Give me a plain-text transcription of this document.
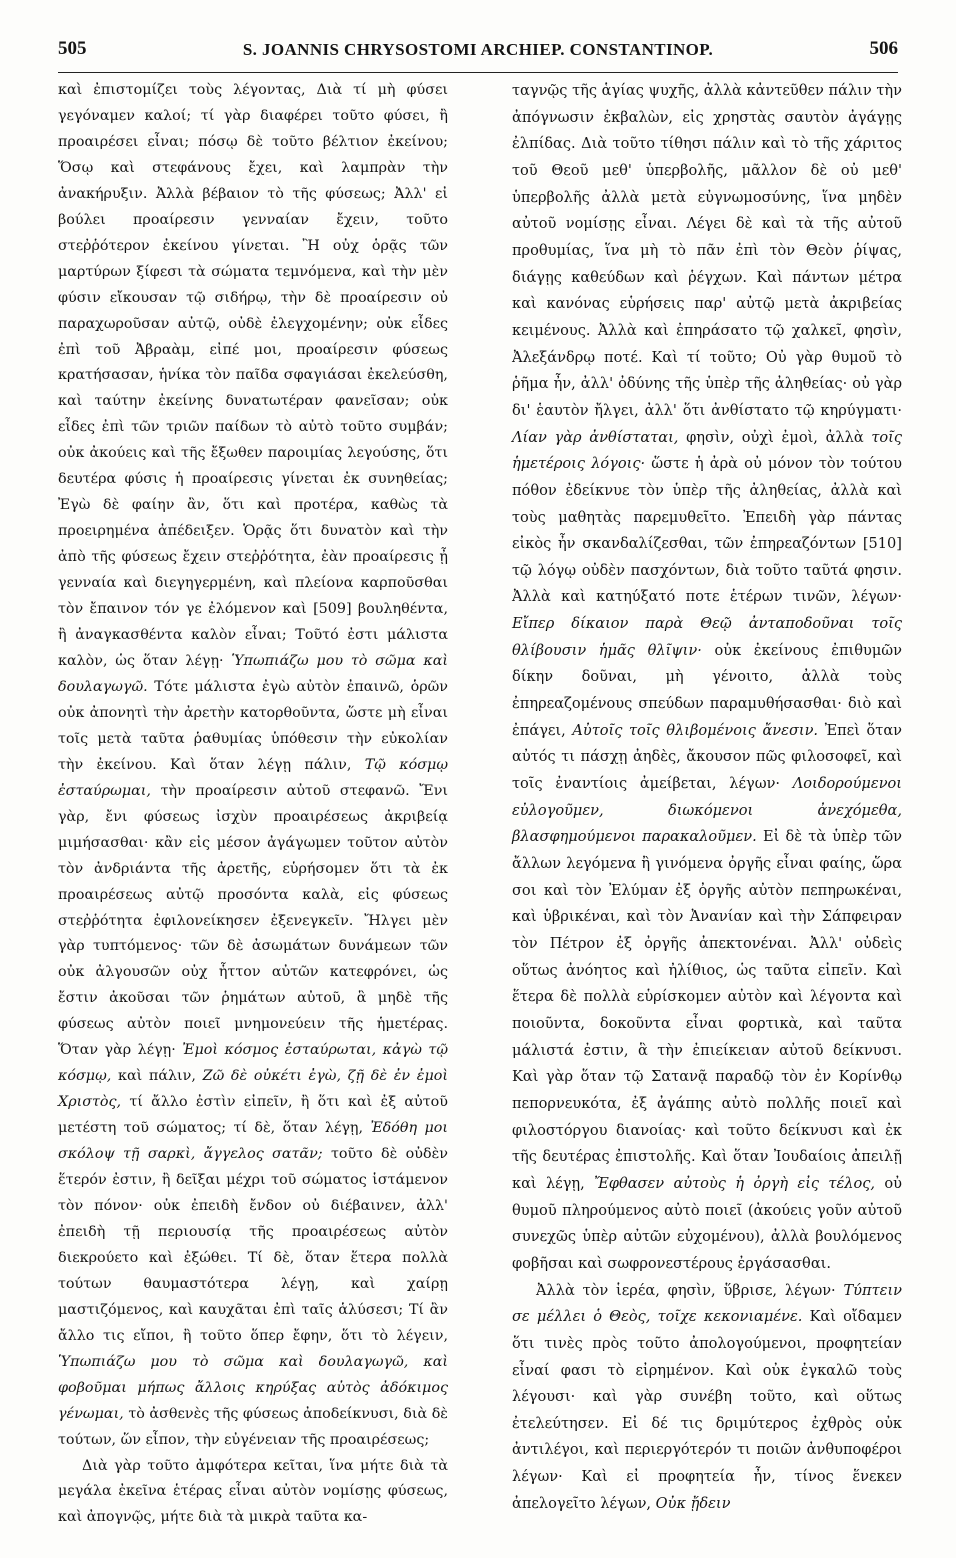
505	S. JOANNIS CHRYSOSTOMI ARCHIEP. CONSTANTINOP.	506

καὶ ἐπιστομίζει τοὺς λέγοντας, Διὰ τί μὴ φύσει γεγόναμεν καλοί; τί γὰρ διαφέρει τοῦτο φύσει, ἢ προαιρέσει εἶναι; πόσῳ δὲ τοῦτο βέλτιον ἐκείνου; Ὅσῳ καὶ στεφάνους ἔχει, καὶ λαμπρὰν τὴν ἀνακήρυξιν. Ἀλλὰ βέβαιον τὸ τῆς φύσεως; Ἀλλ' εἰ βούλει προαίρεσιν γενναίαν ἔχειν, τοῦτο στεῤῥότερον ἐκείνου γίνεται. Ἢ οὐχ ὁρᾷς τῶν μαρτύρων ξίφεσι τὰ σώματα τεμνόμενα, καὶ τὴν μὲν φύσιν εἴκουσαν τῷ σιδήρῳ, τὴν δὲ προαίρεσιν οὐ παραχωροῦσαν αὐτῷ, οὐδὲ ἐλεγχομένην; οὐκ εἶδες ἐπὶ τοῦ Ἀβραὰμ, εἰπέ μοι, προαίρεσιν φύσεως κρατήσασαν, ἡνίκα τὸν παῖδα σφαγιάσαι ἐκελεύσθη, καὶ ταύτην ἐκείνης δυνατωτέραν φανεῖσαν; οὐκ εἶδες ἐπὶ τῶν τριῶν παίδων τὸ αὐτὸ τοῦτο συμβάν; οὐκ ἀκούεις καὶ τῆς ἔξωθεν παροιμίας λεγούσης, ὅτι δευτέρα φύσις ἡ προαίρεσις γίνεται ἐκ συνηθείας; Ἐγὼ δὲ φαίην ἂν, ὅτι καὶ προτέρα, καθὼς τὰ προειρημένα ἀπέδειξεν. Ὁρᾷς ὅτι δυνατὸν καὶ τὴν ἀπὸ τῆς φύσεως ἔχειν στεῤῥότητα, ἐὰν προαίρεσις ᾖ γενναία καὶ διεγηγερμένη, καὶ πλείονα καρποῦσθαι τὸν ἔπαινον τόν γε ἐλόμενον καὶ [509] βουληθέντα, ἢ ἀναγκασθέντα καλὸν εἶναι; Τοῦτό ἐστι μάλιστα καλὸν, ὡς ὅταν λέγῃ· Ὑπωπιάζω μου τὸ σῶμα καὶ δουλαγωγῶ. Τότε μάλιστα ἐγὼ αὐτὸν ἐπαινῶ, ὁρῶν οὐκ ἀπονητὶ τὴν ἀρετὴν κατορθοῦντα, ὥστε μὴ εἶναι τοῖς μετὰ ταῦτα ῥαθυμίας ὑπόθεσιν τὴν εὐκολίαν τὴν ἐκείνου. Καὶ ὅταν λέγῃ πάλιν, Τῷ κόσμῳ ἐσταύρωμαι, τὴν προαίρεσιν αὐτοῦ στεφανῶ. Ἔνι γὰρ, ἔνι φύσεως ἰσχὺν προαιρέσεως ἀκριβείᾳ μιμήσασθαι· κἂν εἰς μέσον ἀγάγωμεν τοῦτον αὐτὸν τὸν ἀνδριάντα τῆς ἀρετῆς, εὑρήσομεν ὅτι τὰ ἐκ προαιρέσεως αὐτῷ προσόντα καλὰ, εἰς φύσεως στεῤῥότητα ἐφιλονείκησεν ἐξενεγκεῖν. Ἤλγει μὲν γὰρ τυπτόμενος· τῶν δὲ ἀσωμάτων δυνάμεων τῶν οὐκ ἀλγουσῶν οὐχ ἧττον αὐτῶν κατεφρόνει, ὡς ἔστιν ἀκοῦσαι τῶν ῥημάτων αὐτοῦ, ἃ μηδὲ τῆς φύσεως αὐτὸν ποιεῖ μνημονεύειν τῆς ἡμετέρας. Ὅταν γὰρ λέγῃ· Ἐμοὶ κόσμος ἐσταύρωται, κἀγὼ τῷ κόσμῳ, καὶ πάλιν, Ζῶ δὲ οὐκέτι ἐγὼ, ζῇ δὲ ἐν ἐμοὶ Χριστὸς, τί ἄλλο ἐστὶν εἰπεῖν, ἢ ὅτι καὶ ἐξ αὐτοῦ μετέστη τοῦ σώματος; τί δὲ, ὅταν λέγῃ, Ἐδόθη μοι σκόλοψ τῇ σαρκὶ, ἄγγελος σατᾶν; τοῦτο δὲ οὐδὲν ἕτερόν ἐστιν, ἢ δεῖξαι μέχρι τοῦ σώματος ἱστάμενον τὸν πόνον· οὐκ ἐπειδὴ ἔνδον οὐ διέβαινεν, ἀλλ' ἐπειδὴ τῇ περιουσίᾳ τῆς προαιρέσεως αὐτὸν διεκρούετο καὶ ἐξώθει. Τί δὲ, ὅταν ἕτερα πολλὰ τούτων θαυμαστότερα λέγῃ, καὶ χαίρῃ μαστιζόμενος, καὶ καυχᾶται ἐπὶ ταῖς ἁλύσεσι; Τί ἂν ἄλλο τις εἴποι, ἢ τοῦτο ὅπερ ἔφην, ὅτι τὸ λέγειν, Ὑπωπιάζω μου τὸ σῶμα καὶ δουλαγωγῶ, καὶ φοβοῦμαι μήπως ἄλλοις κηρύξας αὐτὸς ἀδόκιμος γένωμαι, τὸ ἀσθενὲς τῆς φύσεως ἀποδείκνυσι, διὰ δὲ τούτων, ὥν εἶπον, τὴν εὐγένειαν τῆς προαιρέσεως;

Διὰ γὰρ τοῦτο ἀμφότερα κεῖται, ἵνα μήτε διὰ τὰ μεγάλα ἐκεῖνα ἑτέρας εἶναι αὐτὸν νομίσῃς φύσεως, καὶ ἀπογνῷς, μήτε διὰ τὰ μικρὰ ταῦτα κα-

ταγνῷς τῆς ἁγίας ψυχῆς, ἀλλὰ κἀντεῦθεν πάλιν τὴν ἀπόγνωσιν ἐκβαλὼν, εἰς χρηστὰς σαυτὸν ἀγάγῃς ἐλπίδας. Διὰ τοῦτο τίθησι πάλιν καὶ τὸ τῆς χάριτος τοῦ Θεοῦ μεθ' ὑπερβολῆς, μᾶλλον δὲ οὐ μεθ' ὑπερβολῆς ἀλλὰ μετὰ εὐγνωμοσύνης, ἵνα μηδὲν αὐτοῦ νομίσῃς εἶναι. Λέγει δὲ καὶ τὰ τῆς αὐτοῦ προθυμίας, ἵνα μὴ τὸ πᾶν ἐπὶ τὸν Θεὸν ῥίψας, διάγῃς καθεύδων καὶ ῥέγχων. Καὶ πάντων μέτρα καὶ κανόνας εὑρήσεις παρ' αὐτῷ μετὰ ἀκριβείας κειμένους. Ἀλλὰ καὶ ἐπηράσατο τῷ χαλκεῖ, φησὶν, Ἀλεξάνδρῳ ποτέ. Καὶ τί τοῦτο; Οὐ γὰρ θυμοῦ τὸ ῥῆμα ἦν, ἀλλ' ὀδύνης τῆς ὑπὲρ τῆς ἀληθείας· οὐ γὰρ δι' ἑαυτὸν ἤλγει, ἀλλ' ὅτι ἀνθίστατο τῷ κηρύγματι· Λίαν γὰρ ἀνθίσταται, φησὶν, οὐχὶ ἐμοὶ, ἀλλὰ τοῖς ἡμετέροις λόγοις· ὥστε ἡ ἀρὰ οὐ μόνον τὸν τούτου πόθον ἐδείκνυε τὸν ὑπὲρ τῆς ἀληθείας, ἀλλὰ καὶ τοὺς μαθητὰς παρεμυθεῖτο. Ἐπειδὴ γὰρ πάντας εἰκὸς ἦν σκανδαλίζεσθαι, τῶν ἐπηρεαζόντων [510] τῷ λόγῳ οὐδὲν πασχόντων, διὰ τοῦτο ταῦτά φησιν. Ἀλλὰ καὶ κατηύξατό ποτε ἑτέρων τινῶν, λέγων· Εἴπερ δίκαιον παρὰ Θεῷ ἀνταποδοῦναι τοῖς θλίβουσιν ἡμᾶς θλῖψιν· οὐκ ἐκείνους ἐπιθυμῶν δίκην δοῦναι, μὴ γένοιτο, ἀλλὰ τοὺς ἐπηρεαζομένους σπεύδων παραμυθήσασθαι· διὸ καὶ ἐπάγει, Αὐτοῖς τοῖς θλιβομένοις ἄνεσιν. Ἐπεὶ ὅταν αὐτός τι πάσχῃ ἀηδὲς, ἄκουσον πῶς φιλοσοφεῖ, καὶ τοῖς ἐναντίοις ἀμείβεται, λέγων· Λοιδορούμενοι εὐλογοῦμεν, διωκόμενοι ἀνεχόμεθα, βλασφημούμενοι παρακαλοῦμεν. Εἰ δὲ τὰ ὑπὲρ τῶν ἄλλων λεγόμενα ἢ γινόμενα ὀργῆς εἶναι φαίης, ὥρα σοι καὶ τὸν Ἐλύμαν ἐξ ὀργῆς αὐτὸν πεπηρωκέναι, καὶ ὑβρικέναι, καὶ τὸν Ἀνανίαν καὶ τὴν Σάπφειραν τὸν Πέτρον ἐξ ὀργῆς ἀπεκτονέναι. Ἀλλ' οὐδεὶς οὕτως ἀνόητος καὶ ἠλίθιος, ὡς ταῦτα εἰπεῖν. Καὶ ἕτερα δὲ πολλὰ εὑρίσκομεν αὐτὸν καὶ λέγοντα καὶ ποιοῦντα, δοκοῦντα εἶναι φορτικὰ, καὶ ταῦτα μάλιστά ἐστιν, ἃ τὴν ἐπιείκειαν αὐτοῦ δείκνυσι. Καὶ γὰρ ὅταν τῷ Σατανᾷ παραδῷ τὸν ἐν Κορίνθῳ πεπορνευκότα, ἐξ ἀγάπης αὐτὸ πολλῆς ποιεῖ καὶ φιλοστόργου διανοίας· καὶ τοῦτο δείκνυσι καὶ ἐκ τῆς δευτέρας ἐπιστολῆς. Καὶ ὅταν Ἰουδαίοις ἀπειλῇ καὶ λέγῃ, Ἔφθασεν αὐτοὺς ἡ ὀργὴ εἰς τέλος, οὐ θυμοῦ πληρούμενος αὐτὸ ποιεῖ (ἀκούεις γοῦν αὐτοῦ συνεχῶς ὑπὲρ αὐτῶν εὐχομένου), ἀλλὰ βουλόμενος φοβῆσαι καὶ σωφρονεστέρους ἐργάσασθαι.

Ἀλλὰ τὸν ἱερέα, φησὶν, ὕβρισε, λέγων· Τύπτειν σε μέλλει ὁ Θεὸς, τοῖχε κεκονιαμένε. Καὶ οἴδαμεν ὅτι τινὲς πρὸς τοῦτο ἀπολογούμενοι, προφητείαν εἶναί φασι τὸ εἰρημένον. Καὶ οὐκ ἐγκαλῶ τοὺς λέγουσι· καὶ γὰρ συνέβη τοῦτο, καὶ οὕτως ἐτελεύτησεν. Εἰ δέ τις δριμύτερος ἐχθρὸς οὐκ ἀντιλέγοι, καὶ περιεργότερόν τι ποιῶν ἀνθυποφέροι λέγων· Καὶ εἰ προφητεία ἦν, τίνος ἕνεκεν ἀπελογεῖτο λέγων, Οὐκ ᾔδειν
